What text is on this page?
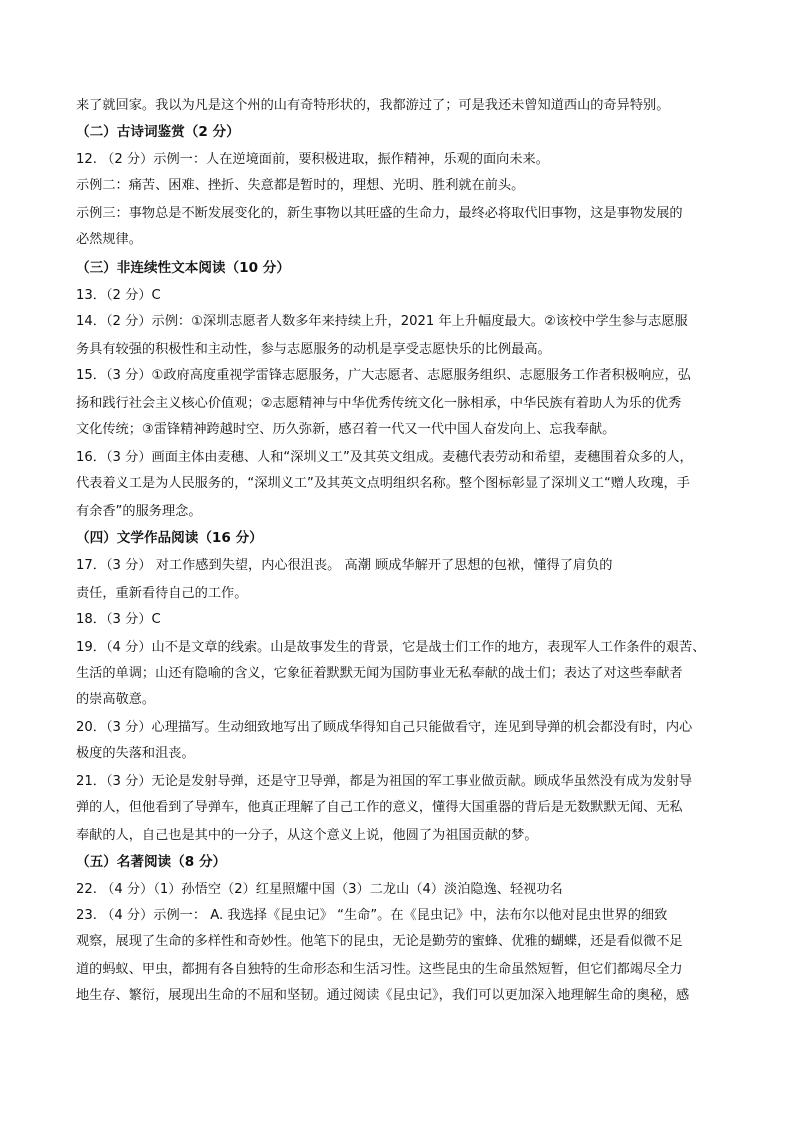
来了就回家。我以为凡是这个州的山有奇特形状的，我都游过了；可是我还未曾知道西山的奇异特别。
（二）古诗词鉴赏（2 分）
12. （2 分）示例一：人在逆境面前，要积极进取，振作精神，乐观的面向未来。
示例二：痛苦、困难、挫折、失意都是暂时的，理想、光明、胜利就在前头。
示例三：事物总是不断发展变化的，新生事物以其旺盛的生命力，最终必将取代旧事物，这是事物发展的
必然规律。
（三）非连续性文本阅读（10 分）
13．（2 分）C
14．（2 分）示例：①深圳志愿者人数多年来持续上升，2021 年上升幅度最大。②该校中学生参与志愿服
务具有较强的积极性和主动性，参与志愿服务的动机是享受志愿快乐的比例最高。
15．（3 分）①政府高度重视学雷锋志愿服务，广大志愿者、志愿服务组织、志愿服务工作者积极响应，弘
扬和践行社会主义核心价值观；②志愿精神与中华优秀传统文化一脉相承，中华民族有着助人为乐的优秀
文化传统；③雷锋精神跨越时空、历久弥新，感召着一代又一代中国人奋发向上、忘我奉献。
16．（3 分）画面主体由麦穗、人和“深圳义工”及其英文组成。麦穗代表劳动和希望，麦穗围着众多的人，
代表着义工是为人民服务的，“深圳义工”及其英文点明组织名称。整个图标彰显了深圳义工“赠人玫瑰，手
有余香”的服务理念。
（四）文学作品阅读（16 分）
17．（3 分） 对工作感到失望，内心很沮丧。 高潮 顾成华解开了思想的包袱，懂得了肩负的
责任，重新看待自己的工作。
18．（3 分）C
19．（4 分）山不是文章的线索。山是故事发生的背景，它是战士们工作的地方，表现军人工作条件的艰苦、
生活的单调；山还有隐喻的含义，它象征着默默无闻为国防事业无私奉献的战士们；表达了对这些奉献者
的崇高敬意。
20．（3 分）心理描写。生动细致地写出了顾成华得知自己只能做看守，连见到导弹的机会都没有时，内心
极度的失落和沮丧。
21．（3 分）无论是发射导弹，还是守卫导弹，都是为祖国的军工事业做贡献。顾成华虽然没有成为发射导
弹的人，但他看到了导弹车，他真正理解了自己工作的意义，懂得大国重器的背后是无数默默无闻、无私
奉献的人，自己也是其中的一分子，从这个意义上说，他圆了为祖国贡献的梦。
（五）名著阅读（8 分）
22. （4 分）（1）孙悟空（2）红星照耀中国（3）二龙山（4）淡泊隐逸、轻视功名
23. （4 分）示例一： A. 我选择《昆虫记》 “生命”。在《昆虫记》中，法布尔以他对昆虫世界的细致
观察，展现了生命的多样性和奇妙性。他笔下的昆虫，无论是勤劳的蜜蜂、优雅的蝴蝶，还是看似微不足
道的蚂蚁、甲虫，都拥有各自独特的生命形态和生活习性。这些昆虫的生命虽然短暂，但它们都竭尽全力
地生存、繁衍，展现出生命的不屈和坚韧。通过阅读《昆虫记》，我们可以更加深入地理解生命的奥秘，感
